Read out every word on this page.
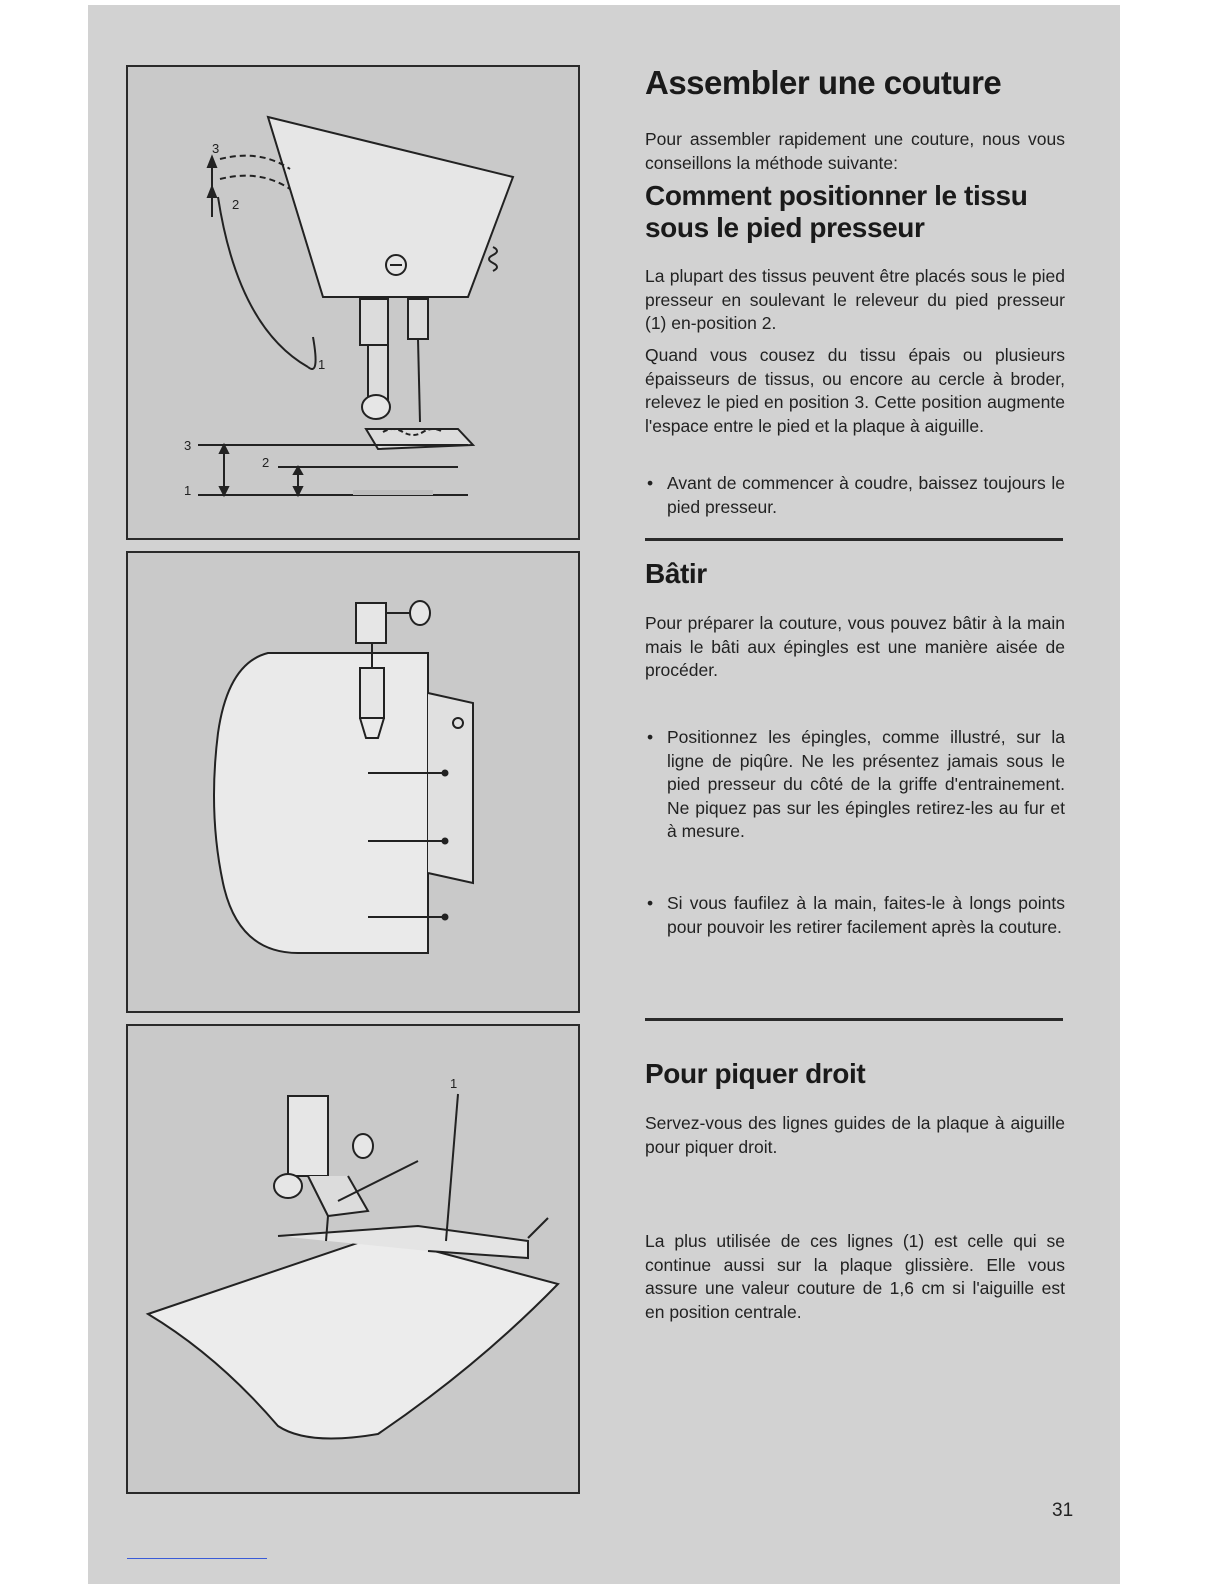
3
2
1
3
2
1
1
Assembler une couture

Pour assembler rapidement une couture, nous vous conseillons la méthode suivante:

Comment positionner le tissu
sous le pied presseur

La plupart des tissus peuvent être placés sous le pied presseur en soulevant le releveur du pied presseur (1) en-position 2.

Quand vous cousez du tissu épais ou plusieurs épaisseurs de tissus, ou encore au cercle à broder, relevez le pied en position 3. Cette position augmente l'espace entre le pied et la plaque à aiguille.

• Avant de commencer à coudre, baissez toujours le pied presseur.

Bâtir

Pour préparer la couture, vous pouvez bâtir à la main mais le bâti aux épingles est une manière aisée de procéder.

• Positionnez les épingles, comme illustré, sur la ligne de piqûre. Ne les présentez jamais sous le pied presseur du côté de la griffe d'entrainement. Ne piquez pas sur les épingles retirez-les au fur et à mesure.

• Si vous faufilez à la main, faites-le à longs points pour pouvoir les retirer facilement après la couture.

Pour piquer droit

Servez-vous des lignes guides de la plaque à aiguille pour piquer droit.

La plus utilisée de ces lignes (1) est celle qui se continue aussi sur la plaque glissière. Elle vous assure une valeur couture de 1,6 cm si l'aiguille est en position centrale.

31
